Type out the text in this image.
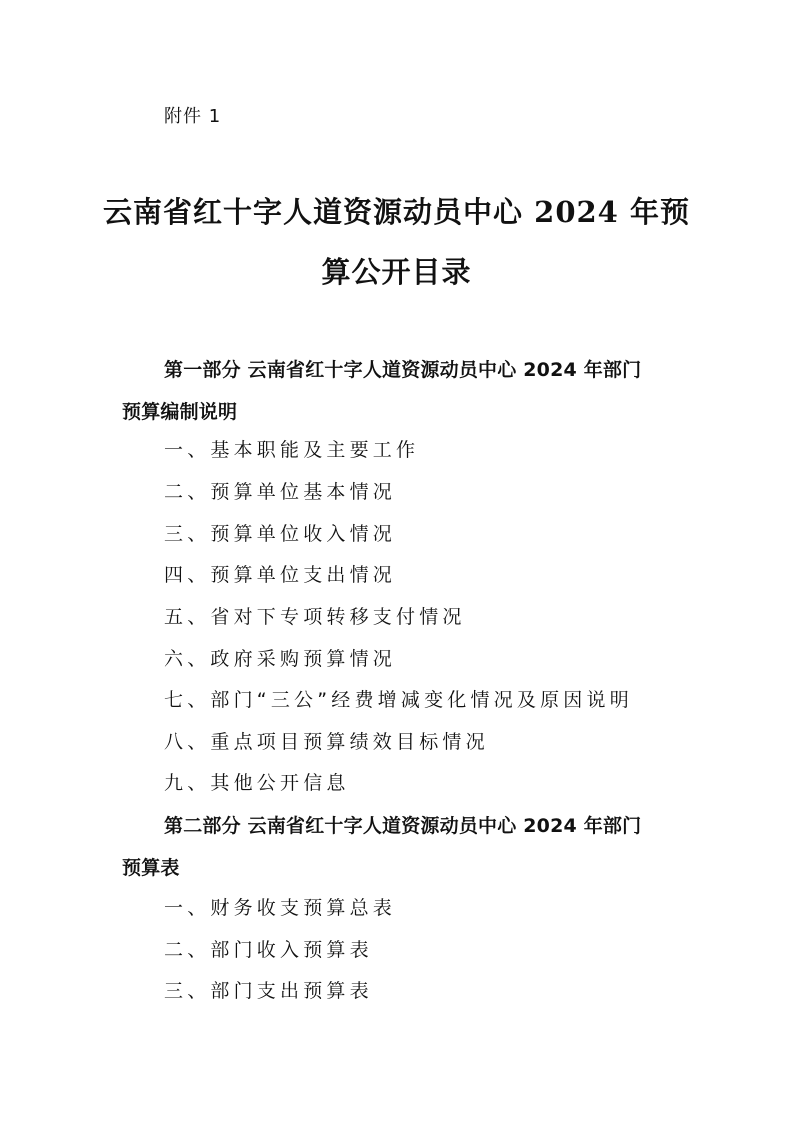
附件 1
云南省红十字人道资源动员中心 2024 年预
算公开目录
第一部分 云南省红十字人道资源动员中心 2024 年部门
预算编制说明
一、基本职能及主要工作
二、预算单位基本情况
三、预算单位收入情况
四、预算单位支出情况
五、省对下专项转移支付情况
六、政府采购预算情况
七、部门“三公”经费增减变化情况及原因说明
八、重点项目预算绩效目标情况
九、其他公开信息
第二部分 云南省红十字人道资源动员中心 2024 年部门
预算表
一、财务收支预算总表
二、部门收入预算表
三、部门支出预算表
